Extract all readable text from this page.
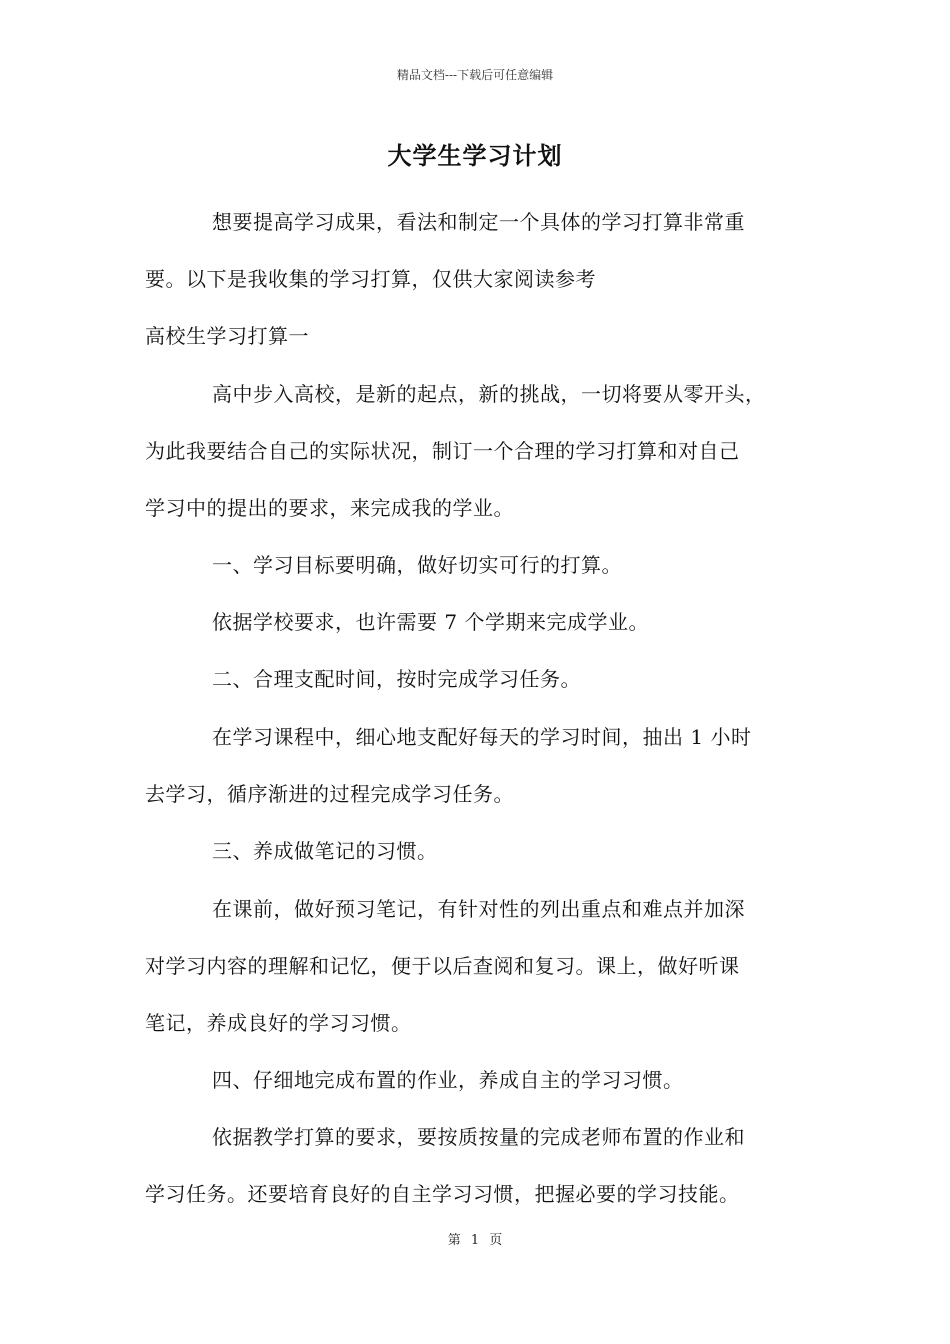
精品文档---下载后可任意编辑
大学生学习计划
想要提高学习成果，看法和制定一个具体的学习打算非常重
要。以下是我收集的学习打算，仅供大家阅读参考
高校生学习打算一
高中步入高校，是新的起点，新的挑战，一切将要从零开头，
为此我要结合自己的实际状况，制订一个合理的学习打算和对自己
学习中的提出的要求，来完成我的学业。
一、学习目标要明确，做好切实可行的打算。
依据学校要求，也许需要 7 个学期来完成学业。
二、合理支配时间，按时完成学习任务。
在学习课程中，细心地支配好每天的学习时间，抽出 1 小时
去学习，循序渐进的过程完成学习任务。
三、养成做笔记的习惯。
在课前，做好预习笔记，有针对性的列出重点和难点并加深
对学习内容的理解和记忆，便于以后查阅和复习。课上，做好听课
笔记，养成良好的学习习惯。
四、仔细地完成布置的作业，养成自主的学习习惯。
依据教学打算的要求，要按质按量的完成老师布置的作业和
学习任务。还要培育良好的自主学习习惯，把握必要的学习技能。
第 1 页
